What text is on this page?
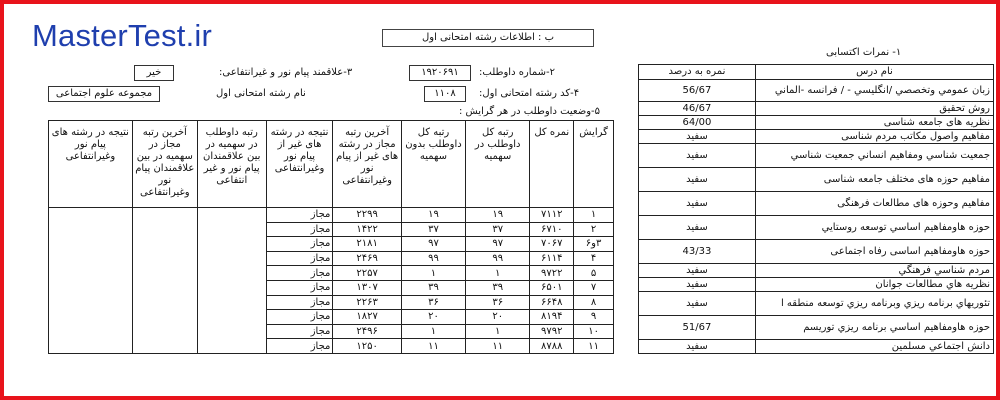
MasterTest.ir	ب : اطلاعات رشته امتحانی اول
۲-شماره داوطلب:
۱۹۲۰۶۹۱
۳-علاقمند پیام نور و غیرانتفاعی:
خیر
۴-کد رشته امتحانی اول:
۱۱۰۸
نام رشته امتحانی اول
مجموعه علوم اجتماعی
۵-وضعیت داوطلب در هر گرایش :
۱- نمرات اکتسابی
نام درس	نمره به درصد
زبان عمومي وتخصصي /انگليسي - / فرانسه -الماني	56/67
روش تحقيق	46/67
نظریه های جامعه شناسی	64/00
مفاهیم واصول مکاتب مردم شناسی	سفید
جمعيت شناسي ومفاهيم انساني جمعيت شناسي	سفید
مفاهیم حوزه های مختلف جامعه شناسی	سفید
مفاهیم وحوزه های مطالعات فرهنگی	سفید
حوزه هاومفاهيم اساسي توسعه روستايي	سفید
حوزه هاومفاهیم اساسی رفاه اجتماعی	43/33
مردم شناسي فرهنگي	سفید
نظريه هاي مطالعات جوانان	سفید
تئوريهاي برنامه ريزي وبرنامه ريزي توسعه منطقه ا	سفید
حوزه هاومفاهيم اساسي برنامه ريزي توريسم	51/67
دانش اجتماعي مسلمين	سفید
گرایش	نمره کل	رتبه کل داوطلب در سهمیه	رتبه کل داوطلب بدون سهمیه	آخرین رتبه مجاز در رشته های غیر از پیام نور وغیرانتفاعی	نتیجه در رشته های غیر از پیام نور وغیرانتفاعی	رتبه داوطلب در سهمیه در بین علاقمندان پیام نور و غیر انتفاعی	آخرین رتبه مجاز در سهمیه در بین علاقمندان پیام نور وغیرانتفاعی	نتیجه در رشته های پیام نور وغیرانتفاعی
۱	۷۱۱۲	۱۹	۱۹	۲۲۹۹	مجاز			
۲	۶۷۱۰	۳۷	۳۷	۱۴۲۲	مجاز			
۳و۶	۷۰۶۷	۹۷	۹۷	۲۱۸۱	مجاز			
۴	۶۱۱۴	۹۹	۹۹	۲۴۶۹	مجاز			
۵	۹۷۲۲	۱	۱	۲۲۵۷	مجاز			
۷	۶۵۰۱	۳۹	۳۹	۱۳۰۷	مجاز			
۸	۶۶۴۸	۳۶	۳۶	۲۲۶۳	مجاز			
۹	۸۱۹۴	۲۰	۲۰	۱۸۲۷	مجاز			
۱۰	۹۷۹۲	۱	۱	۲۴۹۶	مجاز			
۱۱	۸۷۸۸	۱۱	۱۱	۱۲۵۰	مجاز			
